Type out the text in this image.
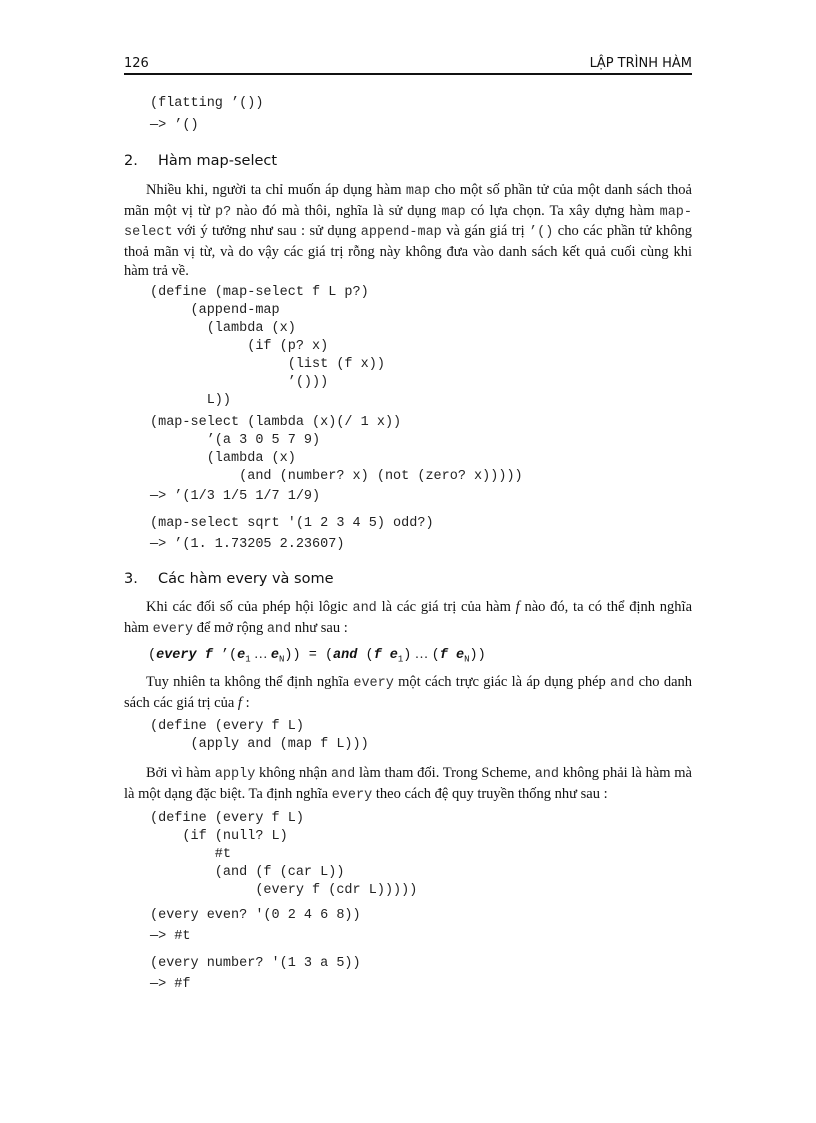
126	LẬP TRÌNH HÀM
(flatting ’())
—> ’()
2. Hàm map-select
Nhiều khi, người ta chỉ muốn áp dụng hàm map cho một số phần tử của một danh sách thoả mãn một vị từ p? nào đó mà thôi, nghĩa là sử dụng map có lựa chọn. Ta xây dựng hàm map-select với ý tưởng như sau : sử dụng append-map và gán giá trị ’() cho các phần tử không thoả mãn vị từ, và do vậy các giá trị rỗng này không đưa vào danh sách kết quả cuối cùng khi hàm trả về.
(define (map-select f L p?)
(append-map
(lambda (x)
(if (p? x)
(list (f x))
’()))
L))
(map-select (lambda (x)(/ 1 x))
’(a 3 0 5 7 9)
(lambda (x)
(and (number? x) (not (zero? x)))))
—> ’(1/3 1/5 1/7 1/9)
(map-select sqrt '(1 2 3 4 5) odd?)
—> ’(1. 1.73205 2.23607)
3. Các hàm every và some
Khi các đối số của phép hội lôgic and là các giá trị của hàm f nào đó, ta có thể định nghĩa hàm every để mở rộng and như sau :
(every f $’(e_1$ … $e_N)) = (and$ (f $e_1$) … (f $e_N$))
Tuy nhiên ta không thể định nghĩa every một cách trực giác là áp dụng phép and cho danh sách các giá trị của f :
(define (every f L)
(apply and (map f L)))
Bởi vì hàm apply không nhận and làm tham đối. Trong Scheme, and không phải là hàm mà là một dạng đặc biệt. Ta định nghĩa every theo cách đệ quy truyền thống như sau :
(define (every f L)
(if (null? L)
#t
(and (f (car L))
(every f (cdr L)))))
(every even? '(0 2 4 6 8))
—> #t
(every number? '(1 3 a 5))
—> #f
